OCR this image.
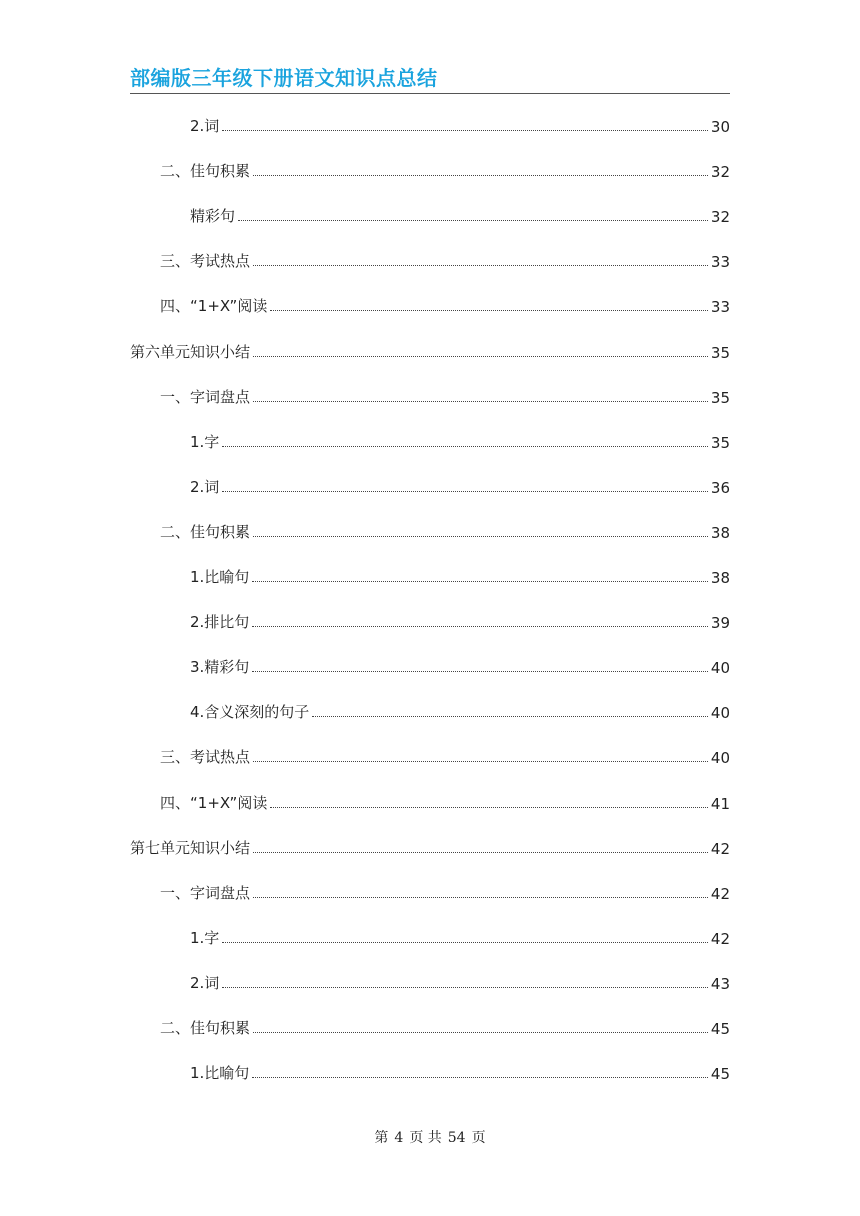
部编版三年级下册语文知识点总结
2.词	30
二、佳句积累	32
精彩句	32
三、考试热点	33
四、“1+X”阅读	33
第六单元知识小结	35
一、字词盘点	35
1.字	35
2.词	36
二、佳句积累	38
1.比喻句	38
2.排比句	39
3.精彩句	40
4.含义深刻的句子	40
三、考试热点	40
四、“1+X”阅读	41
第七单元知识小结	42
一、字词盘点	42
1.字	42
2.词	43
二、佳句积累	45
1.比喻句	45
第 4 页 共 54 页
